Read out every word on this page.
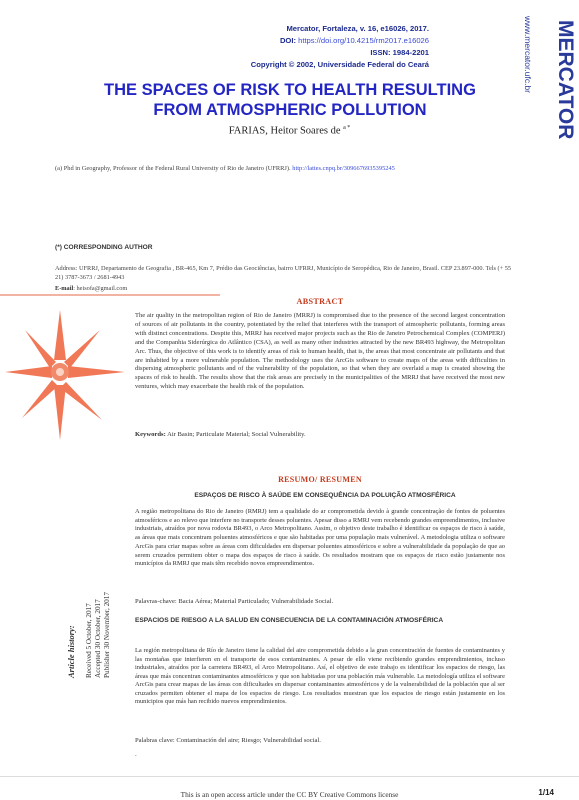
Mercator, Fortaleza, v. 16, e16026, 2017.
DOI: https://doi.org/10.4215/rm2017.e16026
ISSN: 1984-2201
Copyright © 2002, Universidade Federal do Ceará	MERCATOR
www.mercator.ufc.br
THE SPACES OF RISK TO HEALTH RESULTING
FROM ATMOSPHERIC POLLUTION
FARIAS, Heitor Soares de $^{a *}$
(a) Phd in Geography, Professor of the Federal Rural University of Rio de Janeiro (UFRRJ). http://lattes.cnpq.br/3096676935395245
(*) CORRESPONDING AUTHOR
Address: UFRRJ, Departamento de Geografia , BR-465, Km 7, Prédio das Geociências, bairro UFRRJ, Município de Seropédica, Rio de Janeiro, Brasil. CEP 23.897-000. Tels (+ 55 21) 3787-3673 / 2681-4943
E-mail: heisofa@gmail.com
ABSTRACT
The air quality in the metropolitan region of Rio de Janeiro (MRRJ) is compromised due to the presence of the second largest concentration of sources of air pollutants in the country, potentiated by the relief that interferes with the transport of atmospheric pollutants, forming areas with distinct concentrations. Despite this, MRRJ has received major projects such as the Rio de Janeiro Petrochemical Complex (COMPERJ) and the Companhia Siderúrgica do Atlântico (CSA), as well as many other industries attracted by the new BR493 highway, the Metropolitan Arc. Thus, the objective of this work is to identify areas of risk to human health, that is, the areas that most concentrate air pollutants and that are inhabited by a more vulnerable population. The methodology uses the ArcGis software to create maps of the areas with difficulties in dispersing atmospheric pollutants and of the vulnerability of the population, so that when they are overlaid a map is created showing the spaces of risk to health. The results show that the risk areas are precisely in the municipalities of the MRRJ that have received the most new ventures, which may exacerbate the health risk of the population.
Keywords: Air Basin; Particulate Material; Social Vulnerability.
RESUMO/ RESUMEN
ESPAÇOS DE RISCO À SAÚDE EM CONSEQUÊNCIA DA POLUIÇÃO ATMOSFÉRICA
A região metropolitana do Rio de Janeiro (RMRJ) tem a qualidade do ar comprometida devido à grande concentração de fontes de poluentes atmosféricos e ao relevo que interfere no transporte desses poluentes. Apesar disso a RMRJ vem recebendo grandes empreendimentos, inclusive industriais, atraídos por nova rodovia BR493, o Arco Metropolitano. Assim, o objetivo deste trabalho é identificar os espaços de risco à saúde, as áreas que mais concentram poluentes atmosféricos e que são habitadas por uma população mais vulnerável. A metodologia utiliza o software ArcGis para criar mapas sobre as áreas com dificuldades em dispersar poluentes atmosféricos e sobre a vulnerabilidade da população de que ao serem cruzados permitem obter o mapa dos espaços de risco à saúde. Os resultados mostram que os espaços de risco estão justamente nos municípios da RMRJ que mais têm recebido novos empreendimentos.
Palavras-chave: Bacia Aérea; Material Particulado; Vulnerabilidade Social.
ESPACIOS DE RIESGO A LA SALUD EN CONSECUENCIA DE LA CONTAMINACIÓN ATMOSFÉRICA
La región metropolitana de Río de Janeiro tiene la calidad del aire comprometida debido a la gran concentración de fuentes de contaminantes y las montañas que interfieren en el transporte de esos contaminantes. A pesar de ello viene recibiendo grandes emprendimientos, incluso industriales, atraídos por la carretera BR493, el Arco Metropolitano. Así, el objetivo de este trabajo es identificar los espacios de riesgo, las áreas que más concentran contaminantes atmosféricos y que son habitadas por una población más vulnerable. La metodología utiliza el software ArcGis para crear mapas de las áreas con dificultades en dispersar contaminantes atmosféricos y de la vulnerabilidad de la población que al ser cruzados permiten obtener el mapa de los espacios de riesgo. Los resultados muestran que los espacios de riesgo están justamente en los municipios que más han recibido nuevos emprendimientos.
Palabras clave: Contaminación del aire; Riesgo; Vulnerabilidad social.
.
Article history: Received 5 October, 2017 Accepted 30 October, 2017 Publisher 30 November, 2017
This is an open access article under the CC BY Creative Commons license	1/14
